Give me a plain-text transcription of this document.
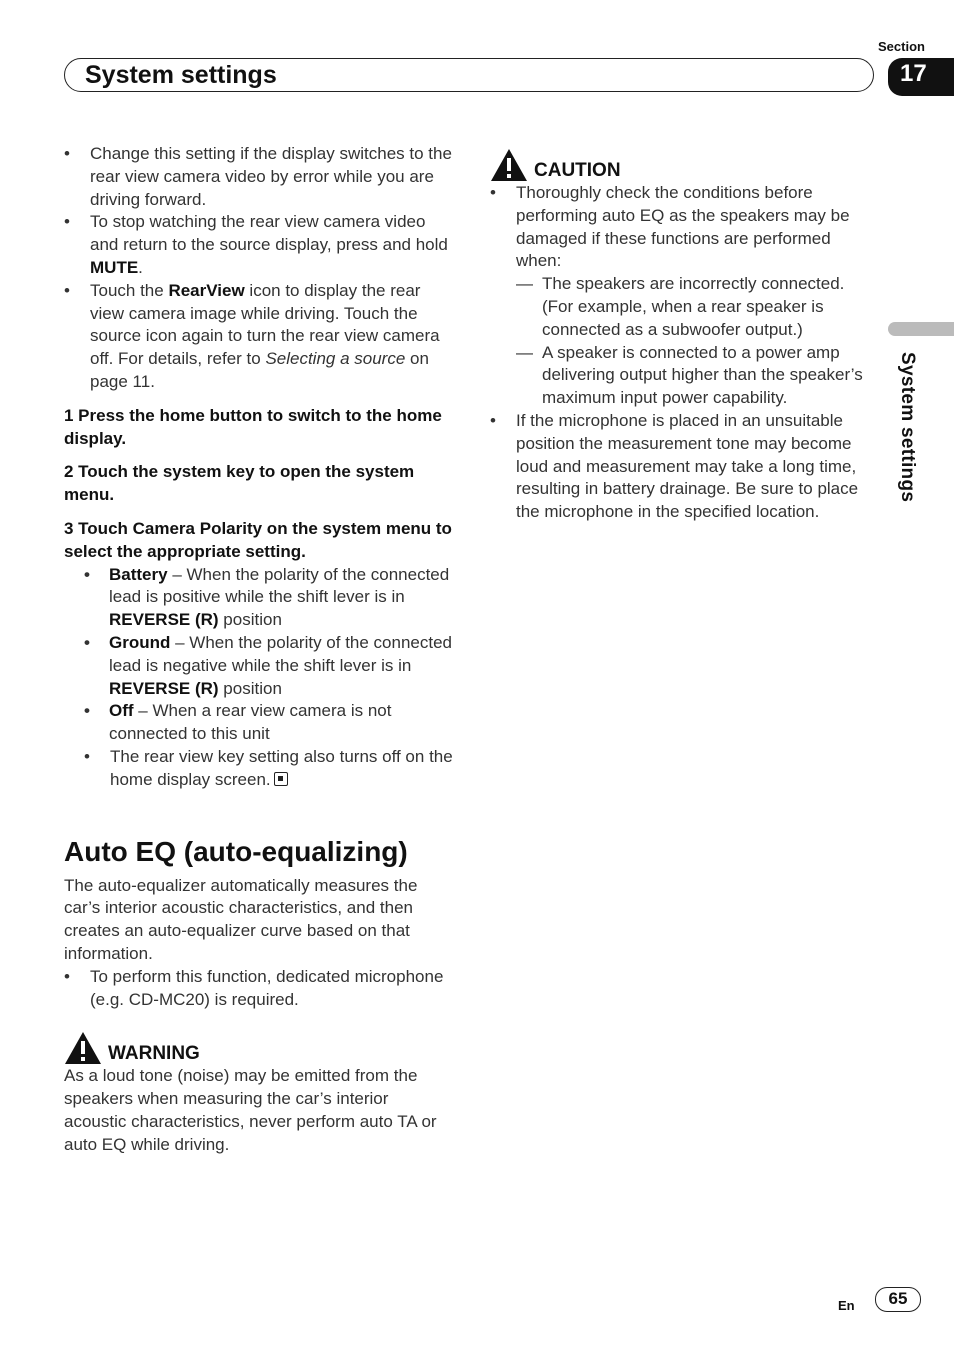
System settings
Section
17
System settings
• Change this setting if the display switches to the rear view camera video by error while you are driving forward.
• To stop watching the rear view camera video and return to the source display, press and hold MUTE.
• Touch the RearView icon to display the rear view camera image while driving. Touch the source icon again to turn the rear view camera off. For details, refer to Selecting a source on page 11.
1 Press the home button to switch to the home display.
2 Touch the system key to open the system menu.
3 Touch Camera Polarity on the system menu to select the appropriate setting.
• Battery – When the polarity of the connected lead is positive while the shift lever is in REVERSE (R) position
• Ground – When the polarity of the connected lead is negative while the shift lever is in REVERSE (R) position
• Off – When a rear view camera is not connected to this unit
• The rear view key setting also turns off on the home display screen.
Auto EQ (auto-equalizing)
The auto-equalizer automatically measures the car’s interior acoustic characteristics, and then creates an auto-equalizer curve based on that information.
• To perform this function, dedicated microphone (e.g. CD-MC20) is required.
WARNING
As a loud tone (noise) may be emitted from the speakers when measuring the car’s interior acoustic characteristics, never perform auto TA or auto EQ while driving.
CAUTION
• Thoroughly check the conditions before performing auto EQ as the speakers may be damaged if these functions are performed when:
— The speakers are incorrectly connected. (For example, when a rear speaker is connected as a subwoofer output.)
— A speaker is connected to a power amp delivering output higher than the speaker’s maximum input power capability.
• If the microphone is placed in an unsuitable position the measurement tone may become loud and measurement may take a long time, resulting in battery drainage. Be sure to place the microphone in the specified location.
En	65
